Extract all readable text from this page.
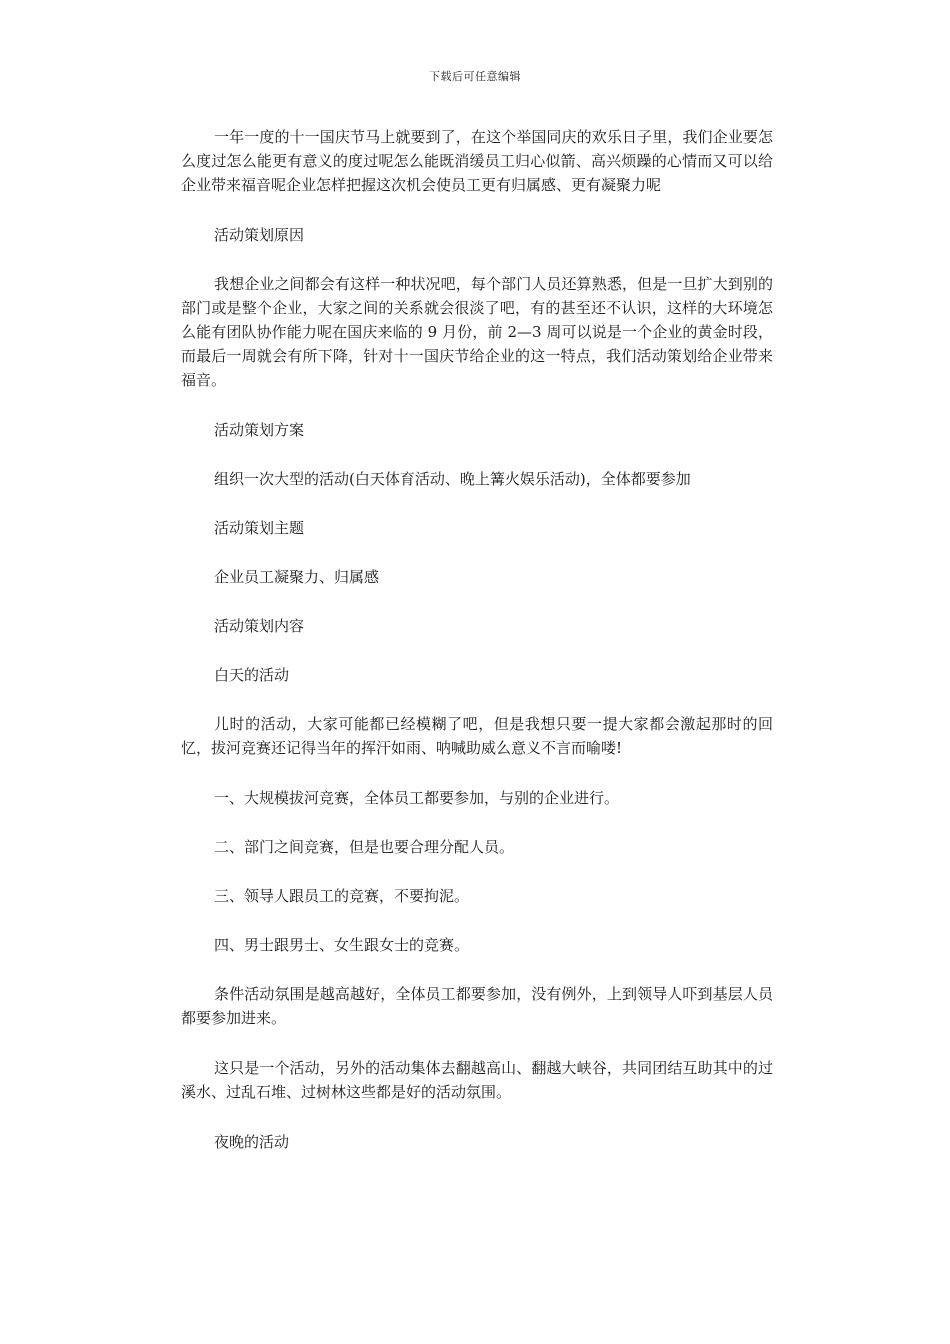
下载后可任意编辑

一年一度的十一国庆节马上就要到了，在这个举国同庆的欢乐日子里，我们企业要怎么度过怎么能更有意义的度过呢怎么能既消缓员工归心似箭、高兴烦躁的心情而又可以给企业带来福音呢企业怎样把握这次机会使员工更有归属感、更有凝聚力呢

活动策划原因

我想企业之间都会有这样一种状况吧，每个部门人员还算熟悉，但是一旦扩大到别的部门或是整个企业，大家之间的关系就会很淡了吧，有的甚至还不认识，这样的大环境怎么能有团队协作能力呢在国庆来临的 9 月份，前 2—3 周可以说是一个企业的黄金时段，而最后一周就会有所下降，针对十一国庆节给企业的这一特点，我们活动策划给企业带来福音。

活动策划方案

组织一次大型的活动(白天体育活动、晚上篝火娱乐活动)，全体都要参加

活动策划主题

企业员工凝聚力、归属感

活动策划内容

白天的活动

儿时的活动，大家可能都已经模糊了吧，但是我想只要一提大家都会激起那时的回忆，拔河竞赛还记得当年的挥汗如雨、呐喊助威么意义不言而喻喽!

一、大规模拔河竞赛，全体员工都要参加，与别的企业进行。

二、部门之间竞赛，但是也要合理分配人员。

三、领导人跟员工的竞赛，不要拘泥。

四、男士跟男士、女生跟女士的竞赛。

条件活动氛围是越高越好，全体员工都要参加，没有例外，上到领导人吓到基层人员都要参加进来。

这只是一个活动，另外的活动集体去翻越高山、翻越大峡谷，共同团结互助其中的过溪水、过乱石堆、过树林这些都是好的活动氛围。

夜晚的活动
